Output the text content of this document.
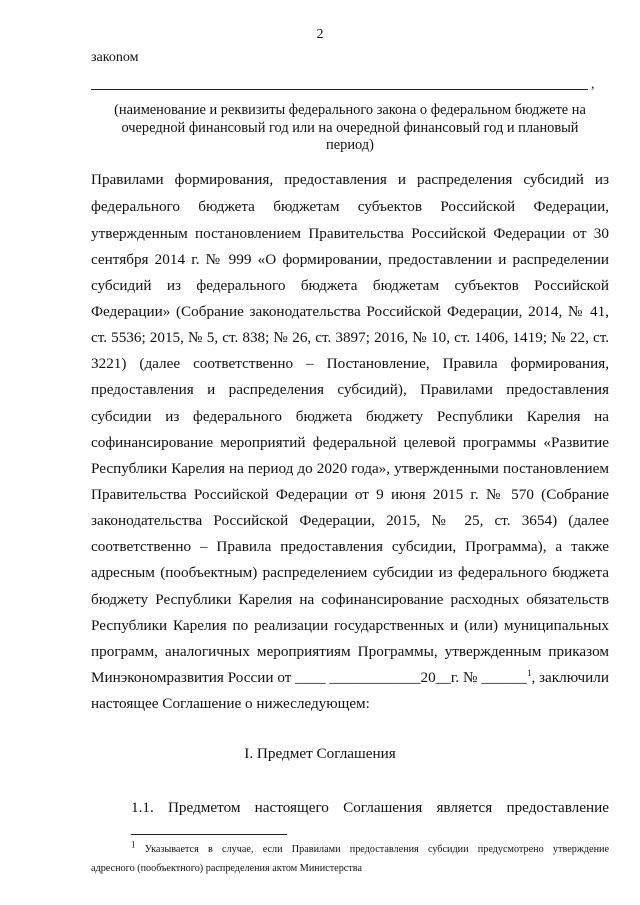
2
закоnом
,
(наименование и реквизиты федерального закона о федеральном бюджете на
очередной финансовый год или на очередной финансовый год и плановый
период)
Правилами формирования, предоставления и распределения субсидий из
федерального бюджета бюджетам субъектов Российской Федерации,
утвержденным постановлением Правительства Российской Федерации от 30
сентября 2014 г. № 999 «О формировании, предоставлении и распределении
субсидий из федерального бюджета бюджетам субъектов Российской
Федерации» (Собрание законодательства Российской Федерации, 2014, № 41,
ст. 5536; 2015, № 5, ст. 838; № 26, ст. 3897; 2016, № 10, ст. 1406, 1419; № 22, ст.
3221) (далее соответственно – Постановление, Правила формирования,
предоставления и распределения субсидий), Правилами предоставления
субсидии из федерального бюджета бюджету Республики Карелия на
софинансирование мероприятий федеральной целевой программы «Развитие
Республики Карелия на период до 2020 года», утвержденными постановлением
Правительства Российской Федерации от 9 июня 2015 г. № 570 (Собрание
законодательства Российской Федерации, 2015, № 25, ст. 3654) (далее
соответственно – Правила предоставления субсидии, Программа), а также
адресным (пообъектным) распределением субсидии из федерального бюджета
бюджету Республики Карелия на софинансирование расходных обязательств
Республики Карелия по реализации государственных и (или) муниципальных
программ, аналогичных мероприятиям Программы, утвержденным приказом
Минэкономразвития России от ____ ____________20__г. № ______$^1$, заключили
настоящее Соглашение о нижеследующем:
I. Предмет Соглашения
1.1. Предметом настоящего Соглашения является предоставление
$^1$ Указывается в случае, если Правилами предоставления субсидии предусмотрено утверждение
адресного (пообъектного) распределения актом Министерства
